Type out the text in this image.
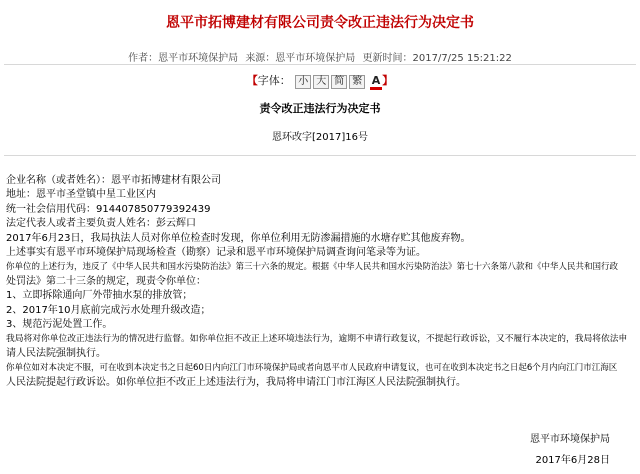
恩平市拓博建材有限公司责令改正违法行为决定书
作者：恩平市环境保护局 来源：恩平市环境保护局 更新时间：2017/7/25 15:21:22
【字体： 小 大 简 繁 A 】
责令改正违法行为决定书
恩环改字[2017]16号

企业名称（或者姓名）：恩平市拓博建材有限公司

地址：恩平市圣堂镇中星工业区内

统一社会信用代码：91440785077939​2439

法定代表人或者主要负责人姓名：彭云辉口

2017年6月23日，我局执法人员对你单位检查时发现，你单位利用无防渗漏措施的水塘存贮其他废弃物。

上述事实有恩平市环境保护局现场检查（勘察）记录和恩平市环境保护局调查询问笔录等为证。

你单位的上述行为，违反了《中华人民共和国水污染防治法》第三十六条的规定。根据《中华人民共和国水污染防治法》第七十六条第八款和《中华人民共和国行政

处罚法》第二十三条的规定，现责令你单位：

1、立即拆除通向厂外带抽水泵的排放管；

2、2017年10月底前完成污水处理升级改造；

3、规范污泥处置工作。

我局将对你单位改正违法行为的情况进行监督。如你单位拒不改正上述环境违法行为，逾期不申请行政复议，不提起行政诉讼，又不履行本决定的，我局将依法申

请人民法院强制执行。

你单位如对本决定不服，可在收到本决定书之日起60日内向江门市环境保护局或者向恩平市人民政府申请复议，也可在收到本决定书之日起6个月内向江门市江海区

人民法院提起行政诉讼。如你单位拒不改正上述违法行为，我局将申请江门市江海区人民法院强制执行。

恩平市环境保护局
2017年6月28日
